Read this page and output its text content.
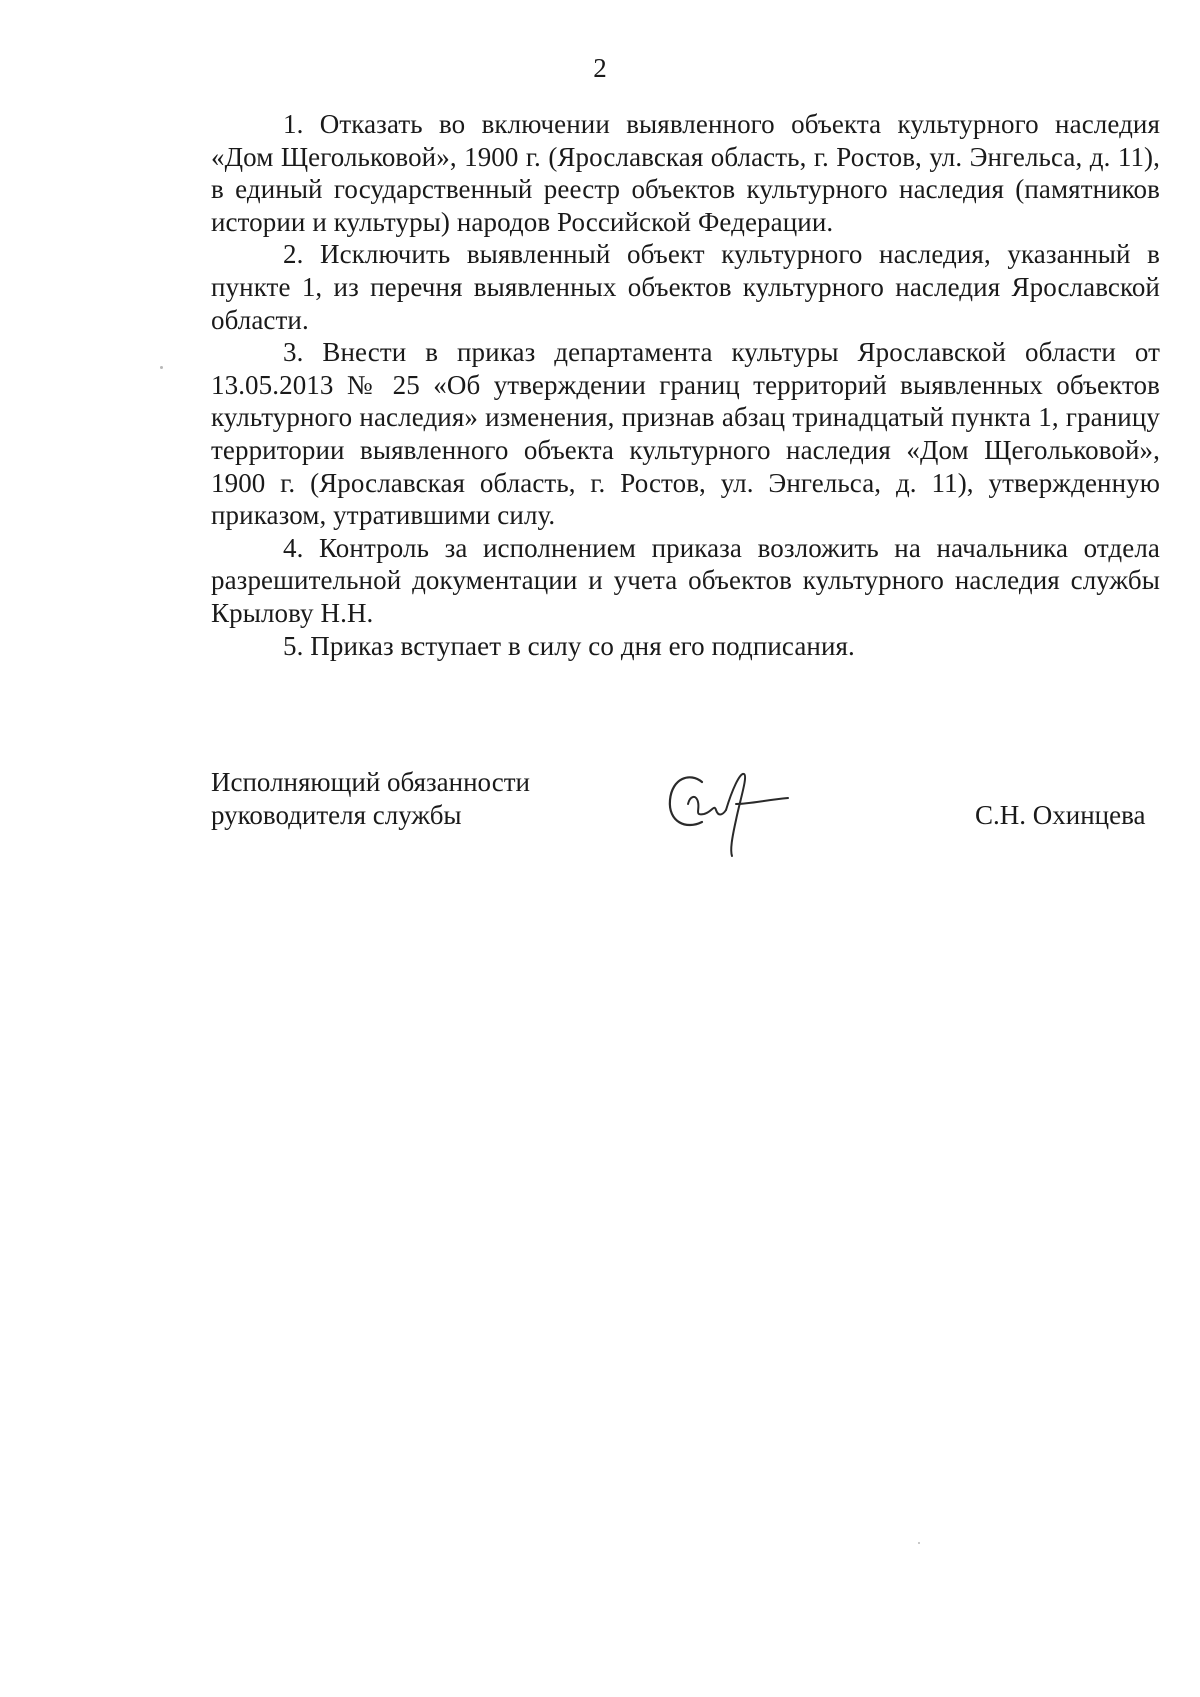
2

1. Отказать во включении выявленного объекта культурного наследия «Дом Щегольковой», 1900 г. (Ярославская область, г. Ростов, ул. Энгельса, д. 11), в единый государственный реестр объектов культурного наследия (памятников истории и культуры) народов Российской Федерации.

2. Исключить выявленный объект культурного наследия, указанный в пункте 1, из перечня выявленных объектов культурного наследия Ярославской области.

3. Внести в приказ департамента культуры Ярославской области от 13.05.2013 № 25 «Об утверждении границ территорий выявленных объектов культурного наследия» изменения, признав абзац тринадцатый пункта 1, границу территории выявленного объекта культурного наследия «Дом Щегольковой», 1900 г. (Ярославская область, г. Ростов, ул. Энгельса, д. 11), утвержденную приказом, утратившими силу.

4. Контроль за исполнением приказа возложить на начальника отдела разрешительной документации и учета объектов культурного наследия службы Крылову Н.Н.

5. Приказ вступает в силу со дня его подписания.

Исполняющий обязанности
руководителя службы	С.Н. Охинцева
